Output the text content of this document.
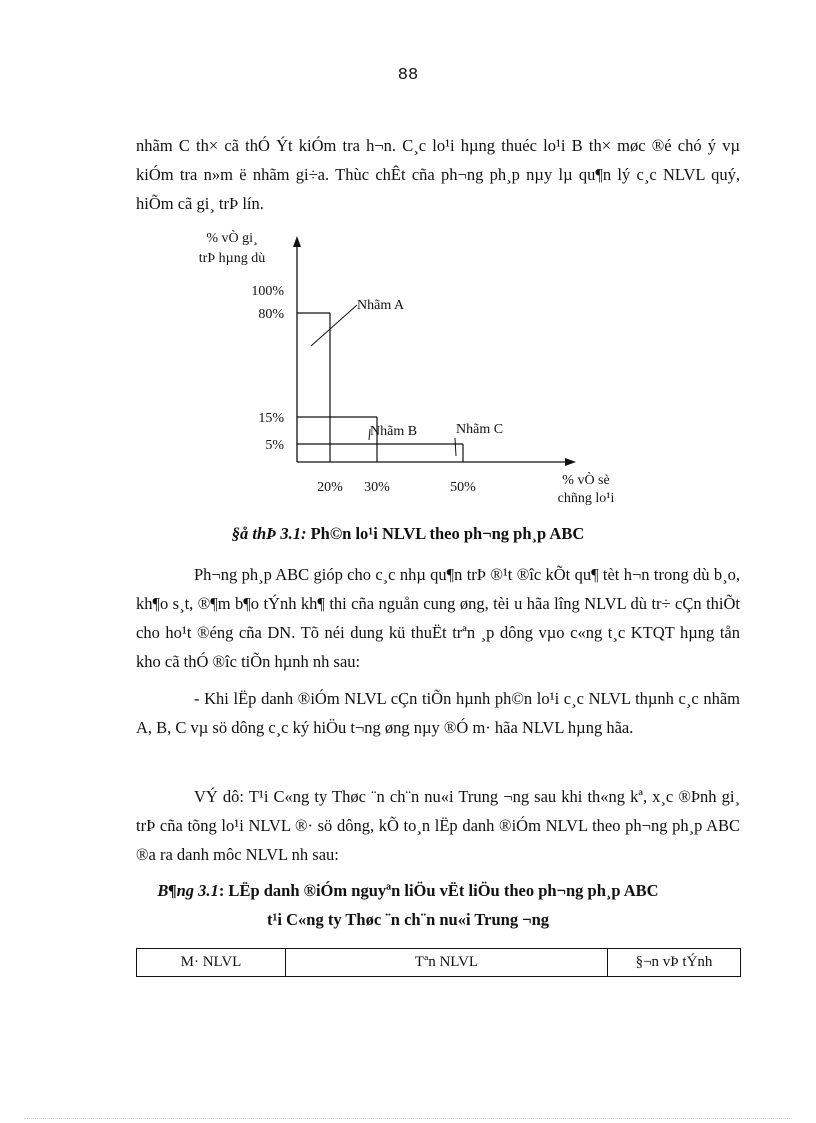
88

nhãm C th× cã thÓ Ýt kiÓm tra h¬n. C¸c lo¹i hµng thuéc lo¹i B th× møc ®é chó ý vµ kiÓm tra n»m ë nhãm gi÷a. Thùc chÊt cña ph¬ng ph¸p nµy lµ qu¶n lý c¸c NLVL quý, hiÕm cã gi¸ trÞ lín.

% vÒ gi¸
trÞ hµng dù
100%
80%
15%
5%
20% 30%	50%
Nhãm A
Nhãm B	Nhãm C
% vÒ sè
chñng lo¹i

§å thÞ 3.1: Ph©n lo¹i NLVL theo ph¬ng ph¸p ABC

Ph¬ng ph¸p ABC gióp cho c¸c nhµ qu¶n trÞ ®¹t ®îc kÕt qu¶ tèt h¬n trong dù b¸o, kh¶o s¸t, ®¶m b¶o tÝnh kh¶ thi cña nguån cung øng, tèi u hãa lîng NLVL dù tr÷ cÇn thiÕt cho ho¹t ®éng cña DN. Tõ néi dung kü thuËt trªn ¸p dông vµo c«ng t¸c KTQT hµng tån kho cã thÓ ®îc tiÕn hµnh nh sau:

- Khi lËp danh ®iÓm NLVL cÇn tiÕn hµnh ph©n lo¹i c¸c NLVL thµnh c¸c nhãm A, B, C vµ sö dông c¸c ký hiÖu t¬ng øng nµy ®Ó m· hãa NLVL hµng hãa.

VÝ dô: T¹i C«ng ty Thøc ¨n ch¨n nu«i Trung ¬ng sau khi th«ng kª, x¸c ®Þnh gi¸ trÞ cña tõng lo¹i NLVL ®· sö dông, kÕ to¸n lËp danh ®iÓm NLVL theo ph¬ng ph¸p ABC ®a ra danh môc NLVL nh sau:

B¶ng 3.1: LËp danh ®iÓm nguyªn liÖu vËt liÖu theo ph¬ng ph¸p ABC
t¹i C«ng ty Thøc ¨n ch¨n nu«i Trung ¬ng
M· NLVL	Tªn NLVL	§¬n vÞ tÝnh
